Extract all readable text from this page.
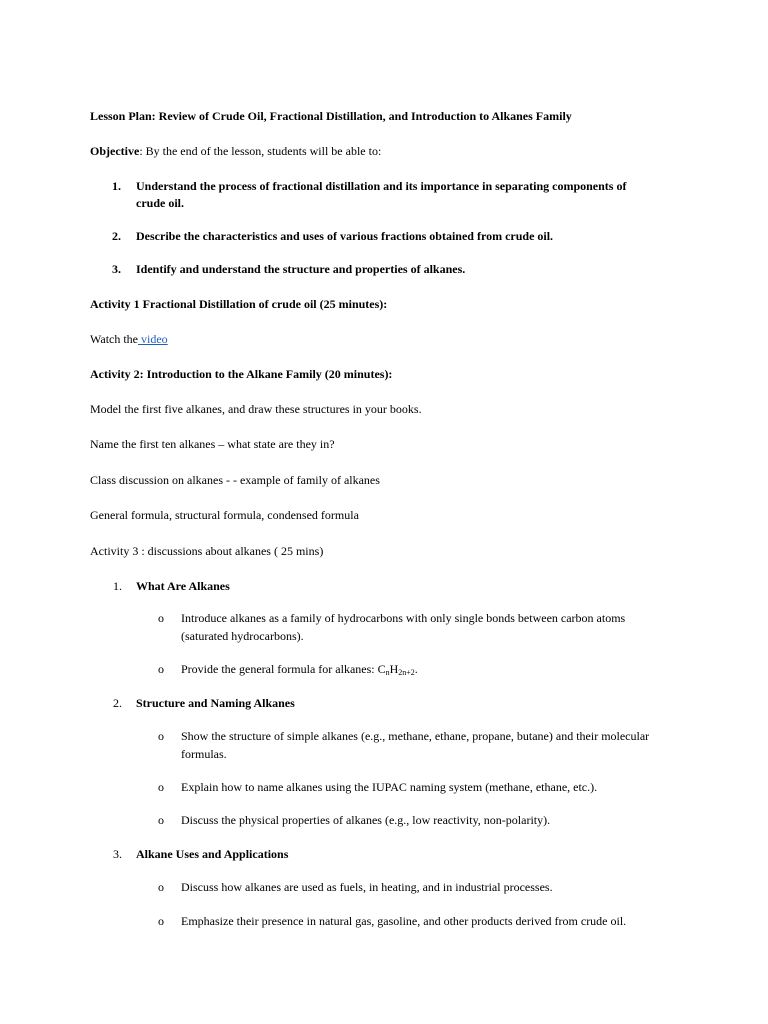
Lesson Plan: Review of Crude Oil, Fractional Distillation, and Introduction to Alkanes Family
Objective: By the end of the lesson, students will be able to:
1. Understand the process of fractional distillation and its importance in separating components of
crude oil.
2. Describe the characteristics and uses of various fractions obtained from crude oil.
3. Identify and understand the structure and properties of alkanes.
Activity 1 Fractional Distillation of crude oil (25 minutes):
Watch the video
Activity 2: Introduction to the Alkane Family (20 minutes):
Model the first five alkanes, and draw these structures in your books.
Name the first ten alkanes – what state are they in?
Class discussion on alkanes - - example of family of alkanes
General formula, structural formula, condensed formula
Activity 3 : discussions about alkanes ( 25 mins)
1. What Are Alkanes
o Introduce alkanes as a family of hydrocarbons with only single bonds between carbon atoms
(saturated hydrocarbons).
o Provide the general formula for alkanes: $C_nH_{2n+2}$.
2. Structure and Naming Alkanes
o Show the structure of simple alkanes (e.g., methane, ethane, propane, butane) and their molecular
formulas.
o Explain how to name alkanes using the IUPAC naming system (methane, ethane, etc.).
o Discuss the physical properties of alkanes (e.g., low reactivity, non-polarity).
3. Alkane Uses and Applications
o Discuss how alkanes are used as fuels, in heating, and in industrial processes.
o Emphasize their presence in natural gas, gasoline, and other products derived from crude oil.
